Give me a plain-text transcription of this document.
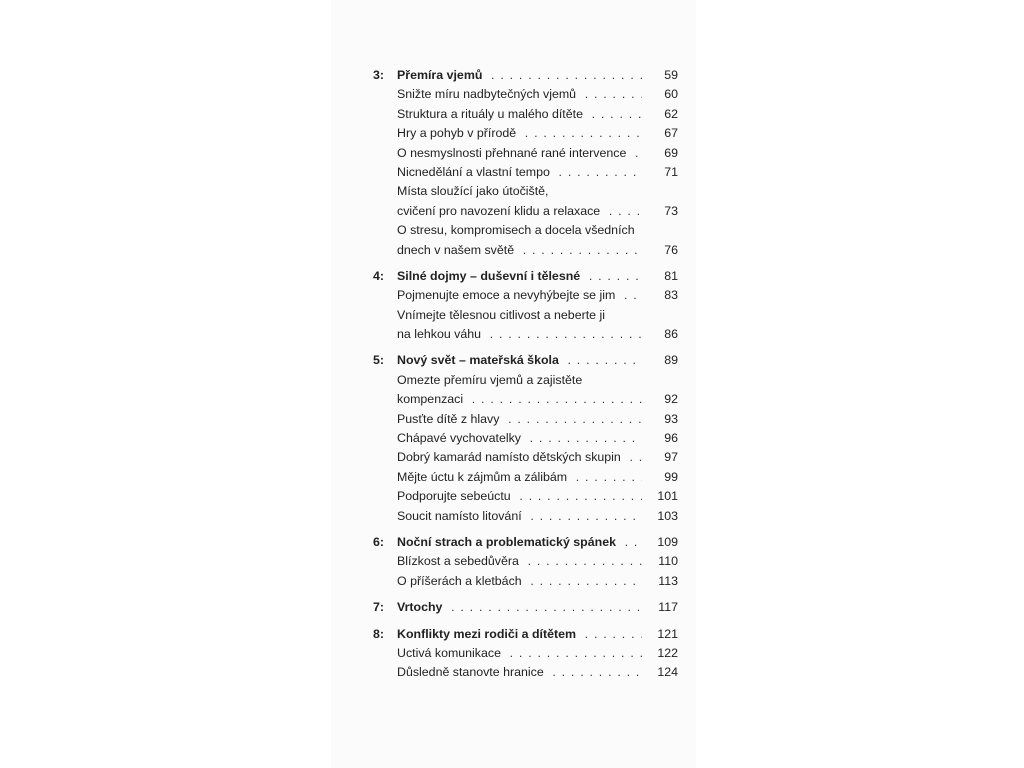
3: Přemíra vjemů . . .	59
Snižte míru nadbytečných vjemů . . .	60
Struktura a rituály u malého dítěte . . .	62
Hry a pohyb v přírodě . . .	67
O nesmyslnosti přehnané rané intervence . . .	69
Nicnedělání a vlastní tempo . . .	71
Místa sloužící jako útočiště,
cvičení pro navození klidu a relaxace . . .	73
O stresu, kompromisech a docela všedních
dnech v našem světě . . .	76
4: Silné dojmy – duševní i tělesné . . .	81
Pojmenujte emoce a nevyhýbejte se jim . . .	83
Vnímejte tělesnou citlivost a neberte ji
na lehkou váhu . . .	86
5: Nový svět – mateřská škola . . .	89
Omezte přemíru vjemů a zajistěte
kompenzaci . . .	92
Pusťte dítě z hlavy . . .	93
Chápavé vychovatelky . . .	96
Dobrý kamarád namísto dětských skupin . . .	97
Mějte úctu k zájmům a zálibám . . .	99
Podporujte sebeúctu . . .	101
Soucit namísto litování . . .	103
6: Noční strach a problematický spánek . . .	109
Blízkost a sebedůvěra . . .	110
O příšerách a kletbách . . .	113
7: Vrtochy . . .	117
8: Konflikty mezi rodiči a dítětem . . .	121
Uctivá komunikace . . .	122
Důsledně stanovte hranice . . .	124
